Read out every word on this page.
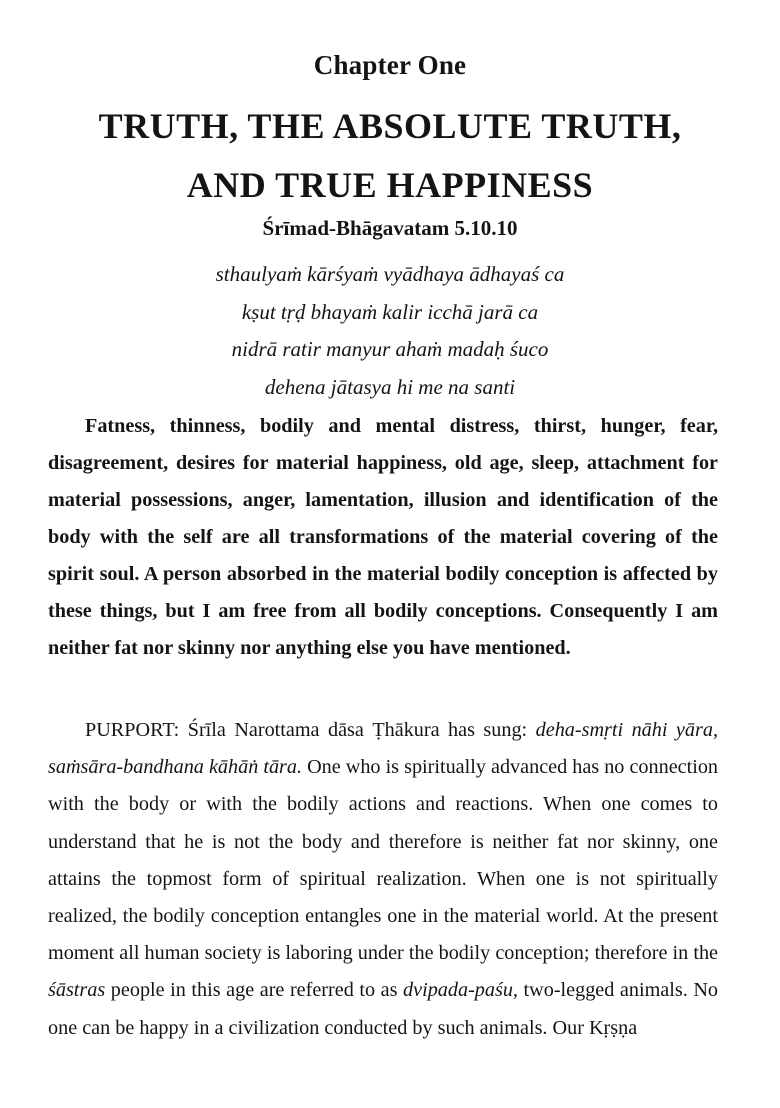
Chapter One
TRUTH, THE ABSOLUTE TRUTH,
AND TRUE HAPPINESS
Śrīmad-Bhāgavatam 5.10.10
sthaulyaṁ kārśyaṁ vyādhaya ādhayaś ca
kṣut tṛḍ bhayaṁ kalir icchā jarā ca
nidrā ratir manyur ahaṁ madaḥ śuco
dehena jātasya hi me na santi
Fatness, thinness, bodily and mental distress, thirst, hunger, fear, disagreement, desires for material happiness, old age, sleep, attachment for material possessions, anger, lamentation, illusion and identification of the body with the self are all transformations of the material covering of the spirit soul. A person absorbed in the material bodily conception is affected by these things, but I am free from all bodily conceptions. Consequently I am neither fat nor skinny nor anything else you have mentioned.
PURPORT: Śrīla Narottama dāsa Ṭhākura has sung: deha-smṛti nāhi yāra, saṁsāra-bandhana kāhāṅ tāra. One who is spiritually advanced has no connection with the body or with the bodily actions and reactions. When one comes to understand that he is not the body and therefore is neither fat nor skinny, one attains the topmost form of spiritual realization. When one is not spiritually realized, the bodily conception entangles one in the material world. At the present moment all human society is laboring under the bodily conception; therefore in the śāstras people in this age are referred to as dvipada-paśu, two-legged animals. No one can be happy in a civilization conducted by such animals. Our Kṛṣṇa
